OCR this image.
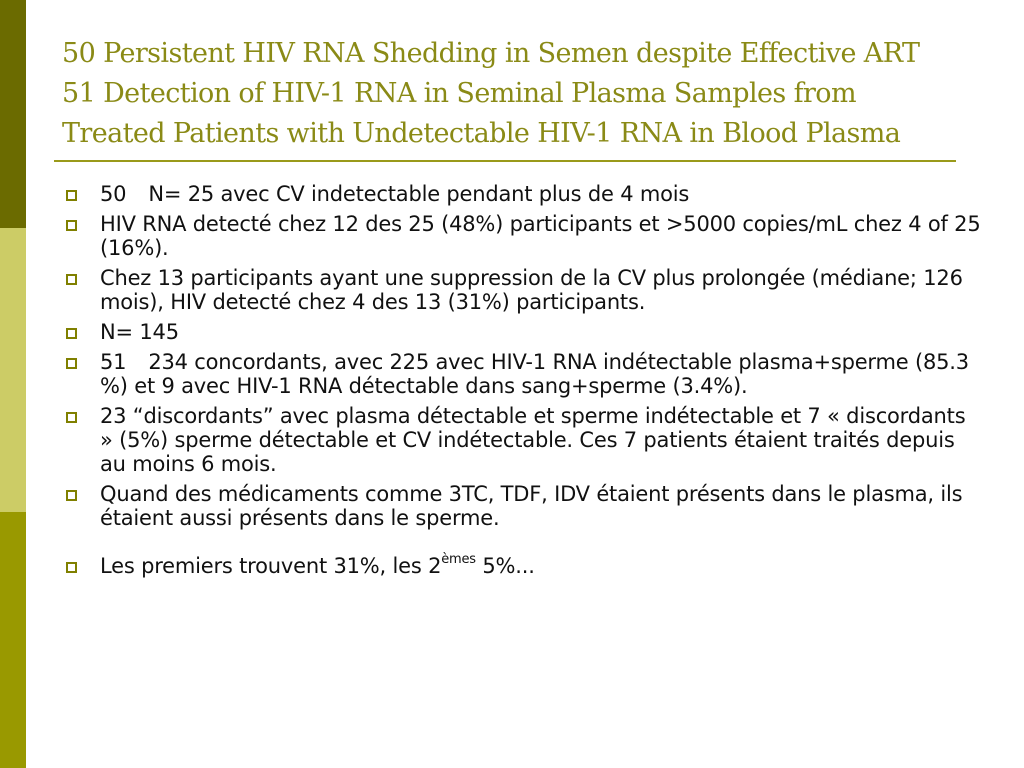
50 Persistent HIV RNA Shedding in Semen despite Effective ART
51 Detection of HIV-1 RNA in Seminal Plasma Samples from
Treated Patients with Undetectable HIV-1 RNA in Blood Plasma
50 N= 25 avec CV indetectable pendant plus de 4 mois
HIV RNA detecté chez 12 des 25 (48%) participants et >5000 copies/mL chez 4 of 25 (16%).
Chez 13 participants ayant une suppression de la CV plus prolongée (médiane; 126 mois), HIV detecté chez 4 des 13 (31%) participants.
N= 145
51 234 concordants, avec 225 avec HIV-1 RNA indétectable plasma+sperme (85.3 %) et 9 avec HIV-1 RNA détectable dans sang+sperme (3.4%).
23 “discordants” avec plasma détectable et sperme indétectable et 7 « discordants » (5%) sperme détectable et CV indétectable. Ces 7 patients étaient traités depuis au moins 6 mois.
Quand des médicaments comme 3TC, TDF, IDV étaient présents dans le plasma, ils étaient aussi présents dans le sperme.
Les premiers trouvent 31%, les 2èmes 5%...
